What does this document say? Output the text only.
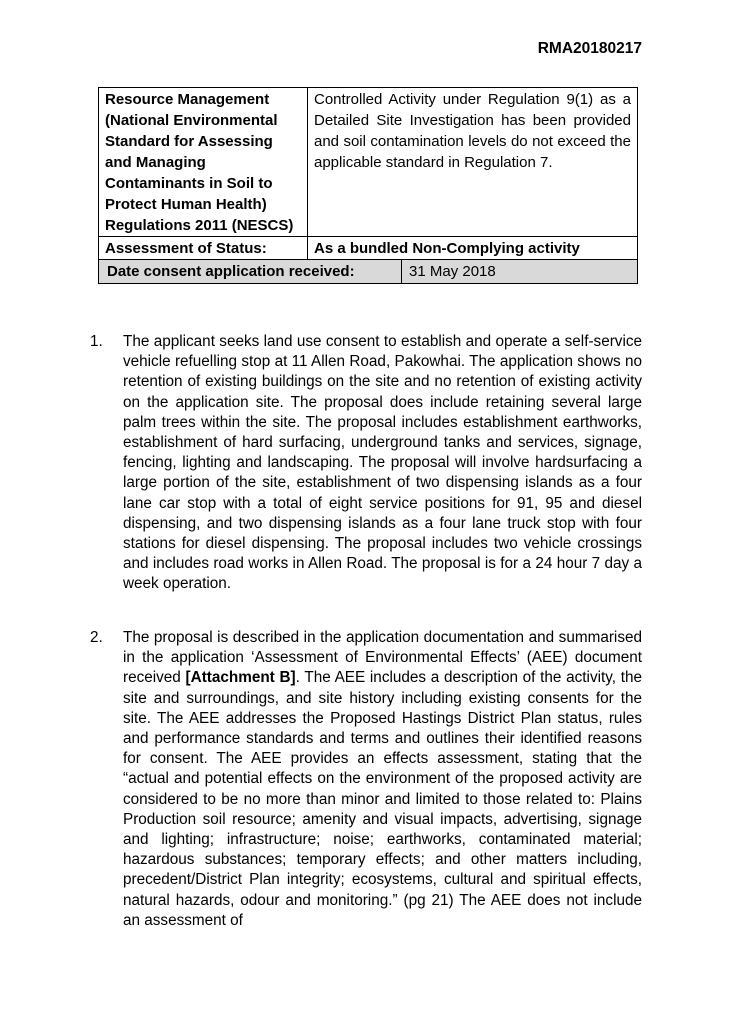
RMA20180217
Resource Management (National Environmental Standard for Assessing and Managing Contaminants in Soil to Protect Human Health) Regulations 2011 (NESCS)	Controlled Activity under Regulation 9(1) as a Detailed Site Investigation has been provided and soil contamination levels do not exceed the applicable standard in Regulation 7.
Assessment of Status:	As a bundled Non-Complying activity

Date consent application received: 31 May 2018	
1. The applicant seeks land use consent to establish and operate a self-service vehicle refuelling stop at 11 Allen Road, Pakowhai. The application shows no retention of existing buildings on the site and no retention of existing activity on the application site. The proposal does include retaining several large palm trees within the site. The proposal includes establishment earthworks, establishment of hard surfacing, underground tanks and services, signage, fencing, lighting and landscaping. The proposal will involve hardsurfacing a large portion of the site, establishment of two dispensing islands as a four lane car stop with a total of eight service positions for 91, 95 and diesel dispensing, and two dispensing islands as a four lane truck stop with four stations for diesel dispensing. The proposal includes two vehicle crossings and includes road works in Allen Road. The proposal is for a 24 hour 7 day a week operation.
2. The proposal is described in the application documentation and summarised in the application ‘Assessment of Environmental Effects’ (AEE) document received [Attachment B]. The AEE includes a description of the activity, the site and surroundings, and site history including existing consents for the site. The AEE addresses the Proposed Hastings District Plan status, rules and performance standards and terms and outlines their identified reasons for consent. The AEE provides an effects assessment, stating that the “actual and potential effects on the environment of the proposed activity are considered to be no more than minor and limited to those related to: Plains Production soil resource; amenity and visual impacts, advertising, signage and lighting; infrastructure; noise; earthworks, contaminated material; hazardous substances; temporary effects; and other matters including, precedent/District Plan integrity; ecosystems, cultural and spiritual effects, natural hazards, odour and monitoring.” (pg 21) The AEE does not include an assessment of
